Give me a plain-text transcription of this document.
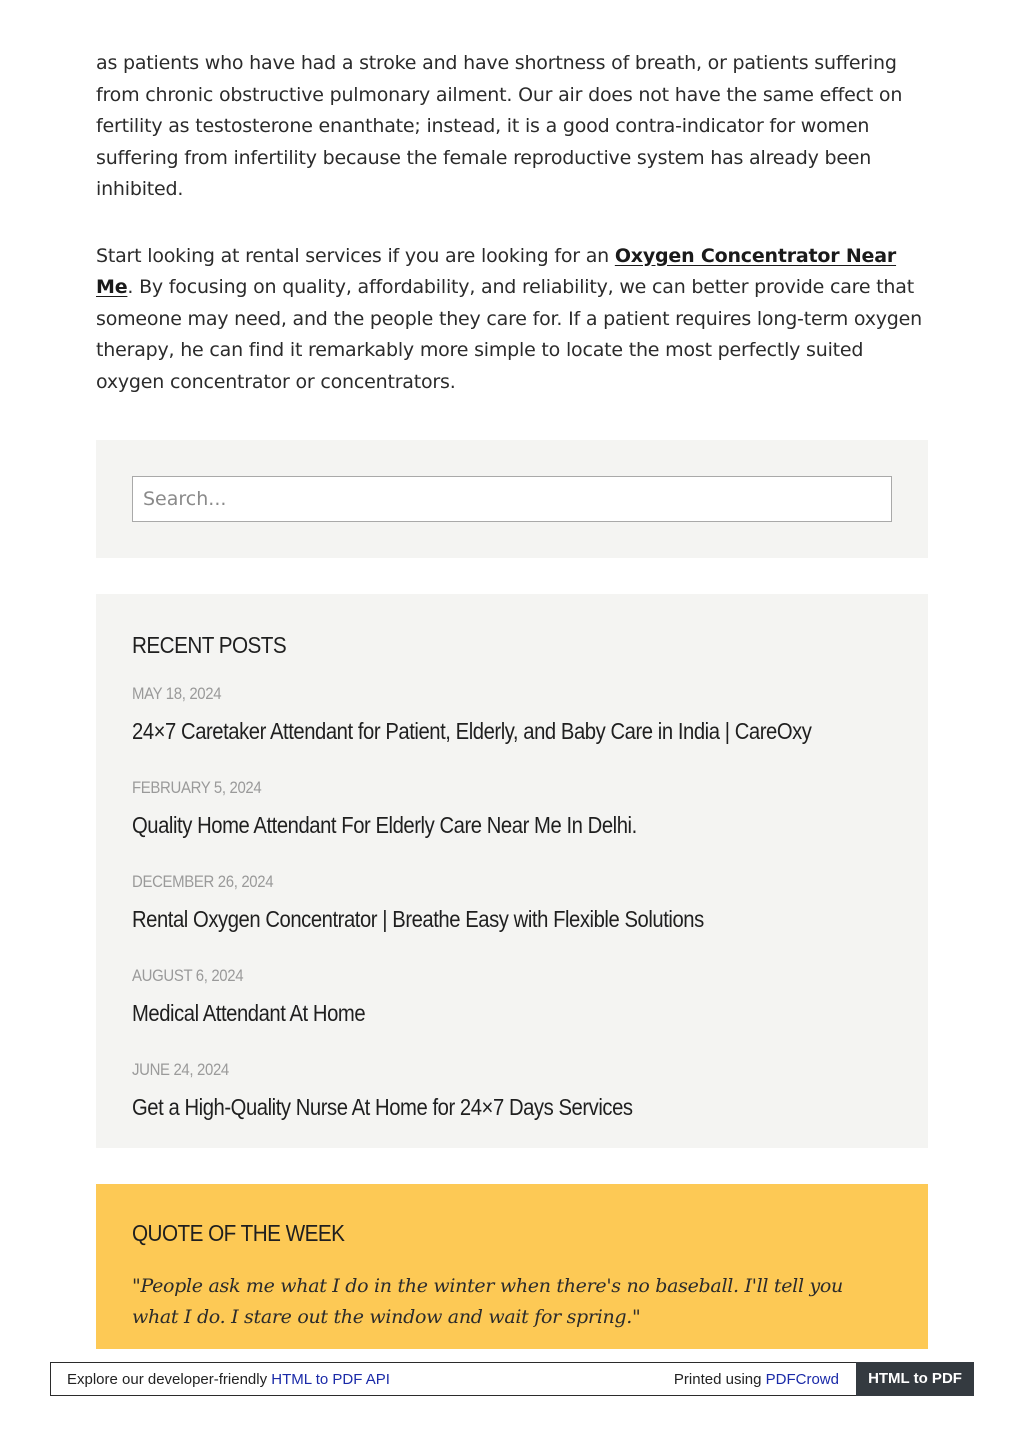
as patients who have had a stroke and have shortness of breath, or patients suffering from chronic obstructive pulmonary ailment. Our air does not have the same effect on fertility as testosterone enanthate; instead, it is a good contra-indicator for women suffering from infertility because the female reproductive system has already been inhibited.

Start looking at rental services if you are looking for an Oxygen Concentrator Near Me. By focusing on quality, affordability, and reliability, we can better provide care that someone may need, and the people they care for. If a patient requires long-term oxygen therapy, he can find it remarkably more simple to locate the most perfectly suited oxygen concentrator or concentrators.

Search...
RECENT POSTS
MAY 18, 2024
24×7 Caretaker Attendant for Patient, Elderly, and Baby Care in India | CareOxy
FEBRUARY 5, 2024
Quality Home Attendant For Elderly Care Near Me In Delhi.
DECEMBER 26, 2024
Rental Oxygen Concentrator | Breathe Easy with Flexible Solutions
AUGUST 6, 2024
Medical Attendant At Home
JUNE 24, 2024
Get a High-Quality Nurse At Home for 24×7 Days Services
QUOTE OF THE WEEK

"People ask me what I do in the winter when there's no baseball. I'll tell you what I do. I stare out the window and wait for spring."

Explore our developer-friendly HTML to PDF API	Printed using PDFCrowd	HTML to PDF
